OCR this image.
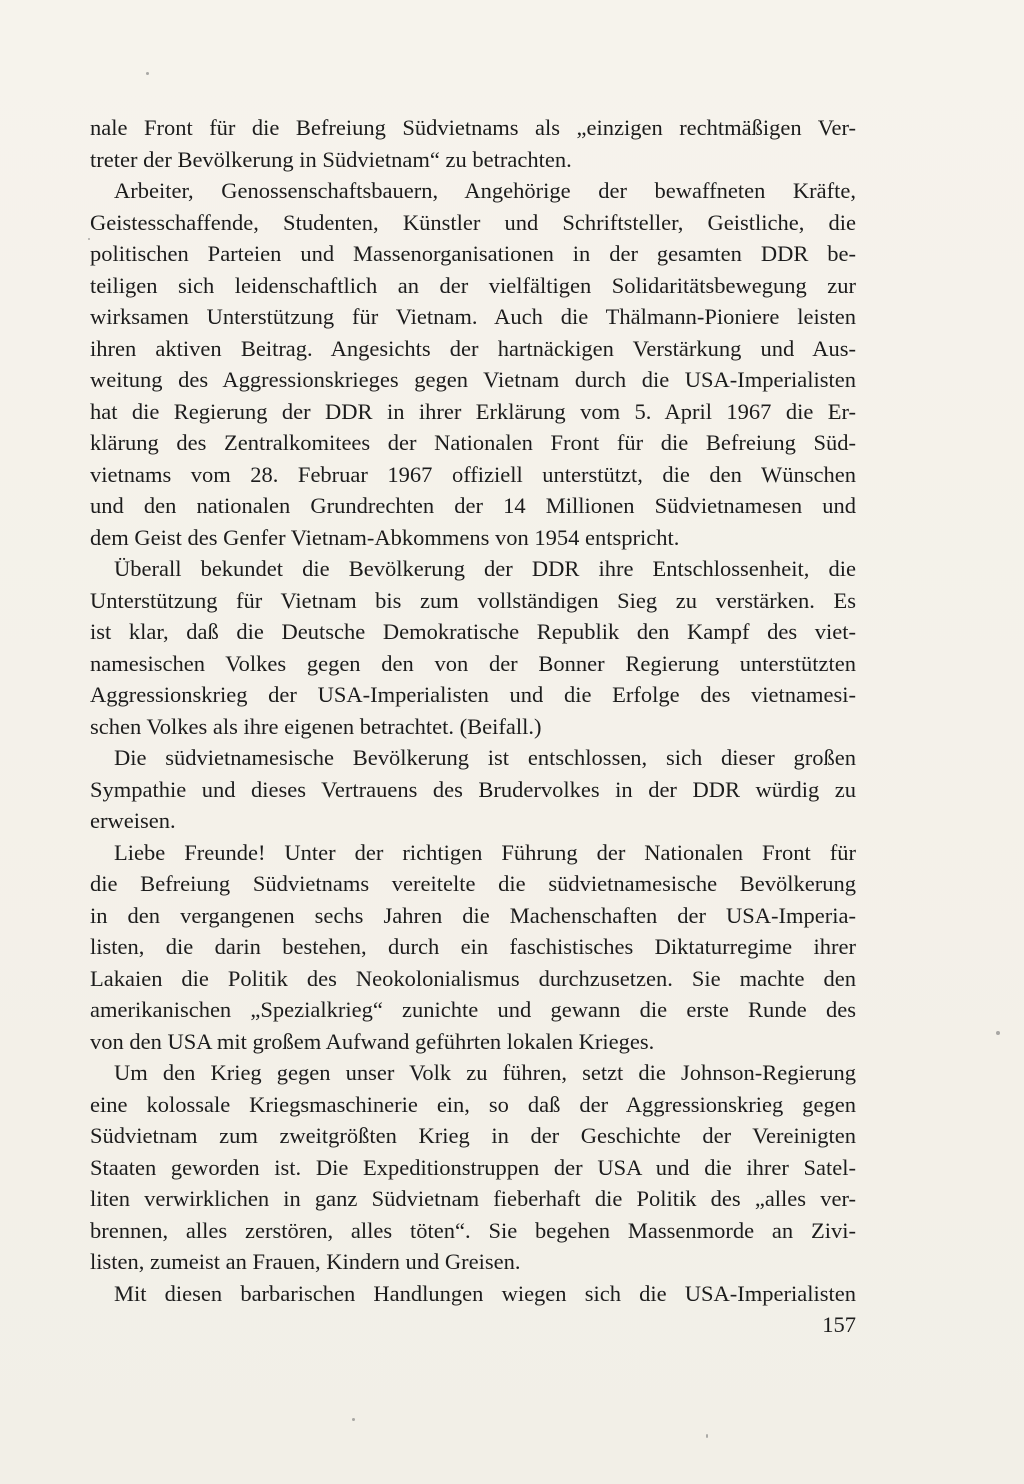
nale Front für die Befreiung Südvietnams als „einzigen rechtmäßigen Ver-
treter der Bevölkerung in Südvietnam“ zu betrachten.
Arbeiter, Genossenschaftsbauern, Angehörige der bewaffneten Kräfte,
Geistesschaffende, Studenten, Künstler und Schriftsteller, Geistliche, die
politischen Parteien und Massenorganisationen in der gesamten DDR be-
teiligen sich leidenschaftlich an der vielfältigen Solidaritätsbewegung zur
wirksamen Unterstützung für Vietnam. Auch die Thälmann-Pioniere leisten
ihren aktiven Beitrag. Angesichts der hartnäckigen Verstärkung und Aus-
weitung des Aggressionskrieges gegen Vietnam durch die USA-Imperialisten
hat die Regierung der DDR in ihrer Erklärung vom 5. April 1967 die Er-
klärung des Zentralkomitees der Nationalen Front für die Befreiung Süd-
vietnams vom 28. Februar 1967 offiziell unterstützt, die den Wünschen
und den nationalen Grundrechten der 14 Millionen Südvietnamesen und
dem Geist des Genfer Vietnam-Abkommens von 1954 entspricht.
Überall bekundet die Bevölkerung der DDR ihre Entschlossenheit, die
Unterstützung für Vietnam bis zum vollständigen Sieg zu verstärken. Es
ist klar, daß die Deutsche Demokratische Republik den Kampf des viet-
namesischen Volkes gegen den von der Bonner Regierung unterstützten
Aggressionskrieg der USA-Imperialisten und die Erfolge des vietnamesi-
schen Volkes als ihre eigenen betrachtet. (Beifall.)
Die südvietnamesische Bevölkerung ist entschlossen, sich dieser großen
Sympathie und dieses Vertrauens des Brudervolkes in der DDR würdig zu
erweisen.
Liebe Freunde! Unter der richtigen Führung der Nationalen Front für
die Befreiung Südvietnams vereitelte die südvietnamesische Bevölkerung
in den vergangenen sechs Jahren die Machenschaften der USA-Imperia-
listen, die darin bestehen, durch ein faschistisches Diktaturregime ihrer
Lakaien die Politik des Neokolonialismus durchzusetzen. Sie machte den
amerikanischen „Spezialkrieg“ zunichte und gewann die erste Runde des
von den USA mit großem Aufwand geführten lokalen Krieges.
Um den Krieg gegen unser Volk zu führen, setzt die Johnson-Regierung
eine kolossale Kriegsmaschinerie ein, so daß der Aggressionskrieg gegen
Südvietnam zum zweitgrößten Krieg in der Geschichte der Vereinigten
Staaten geworden ist. Die Expeditionstruppen der USA und die ihrer Satel-
liten verwirklichen in ganz Südvietnam fieberhaft die Politik des „alles ver-
brennen, alles zerstören, alles töten“. Sie begehen Massenmorde an Zivi-
listen, zumeist an Frauen, Kindern und Greisen.
Mit diesen barbarischen Handlungen wiegen sich die USA-Imperialisten
157
